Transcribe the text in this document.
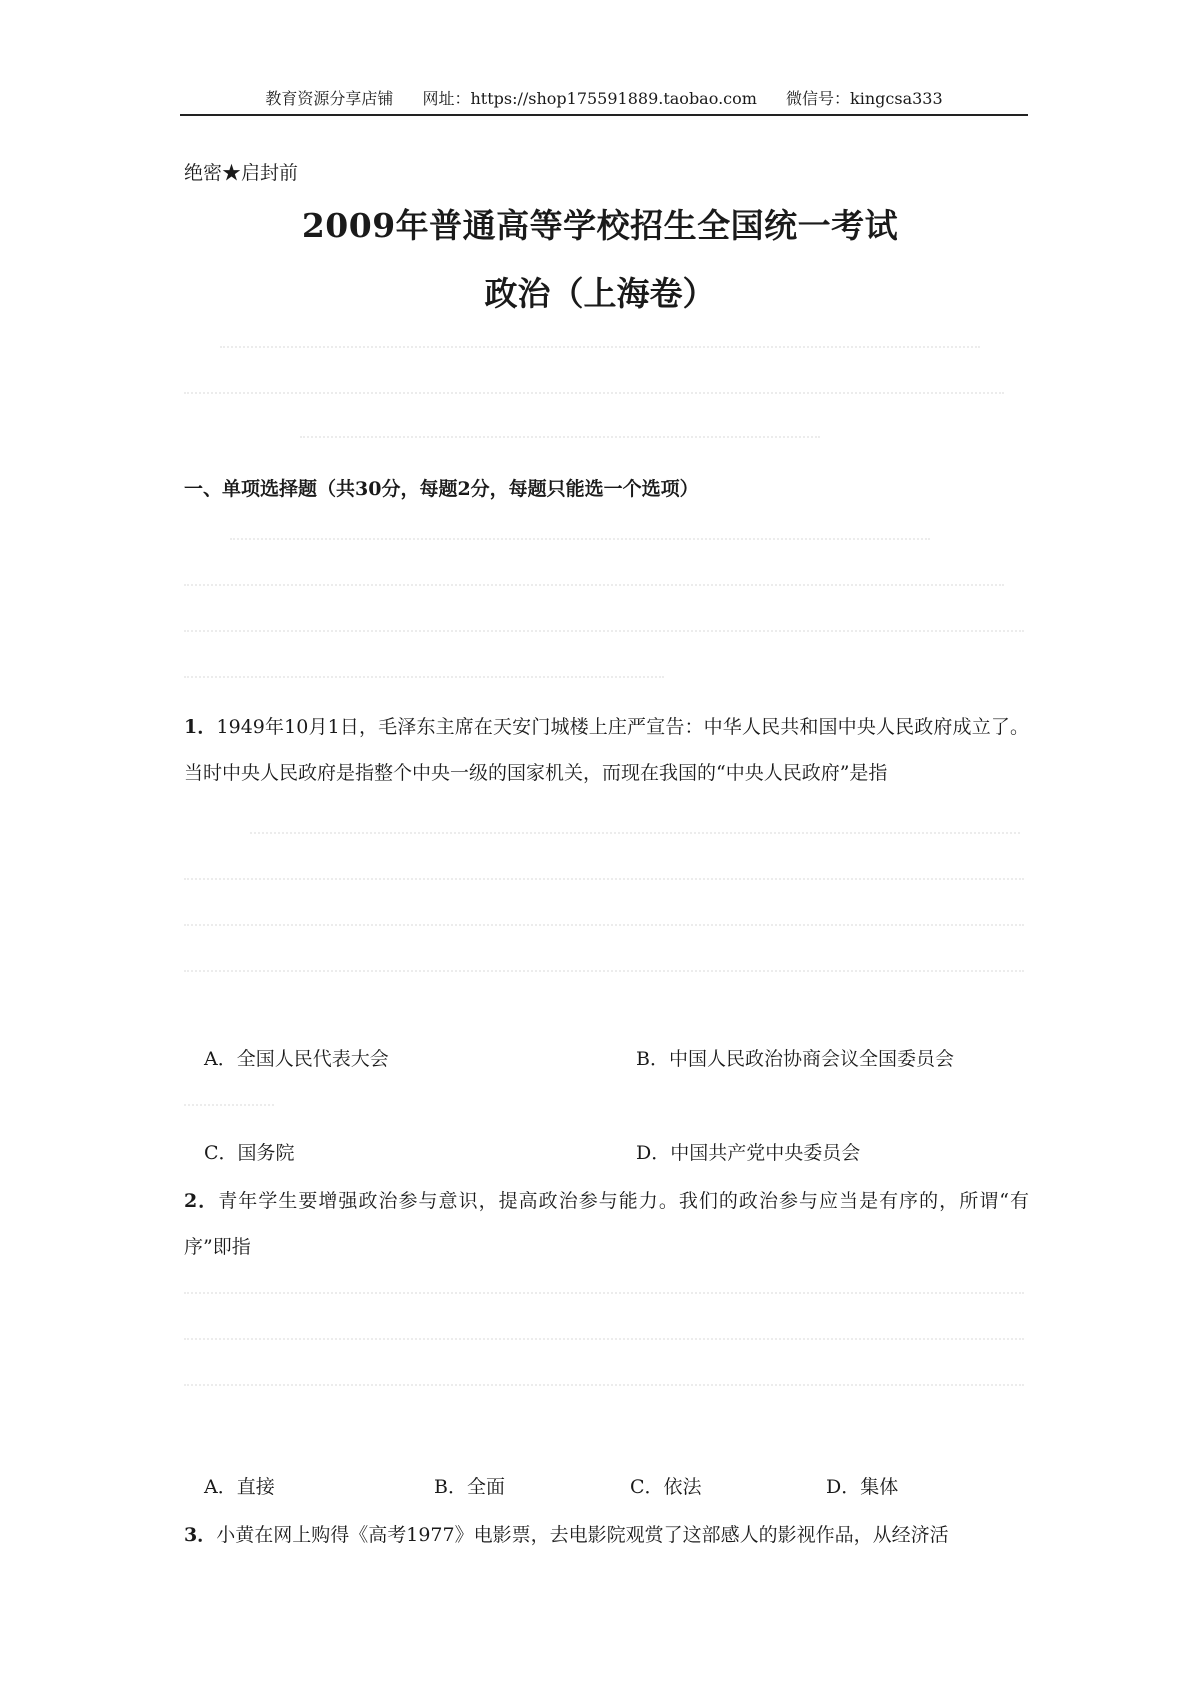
教育资源分享店铺 网址：https://shop175591889.taobao.com 微信号：kingcsa333
绝密★启封前
2009年普通高等学校招生全国统一考试
政治（上海卷）
一、单项选择题（共30分，每题2分，每题只能选一个选项）
1．1949年10月1日，毛泽东主席在天安门城楼上庄严宣告：中华人民共和国中央人民政府成立了。当时中央人民政府是指整个中央一级的国家机关，而现在我国的“中央人民政府”是指
A．全国人民代表大会	B．中国人民政治协商会议全国委员会
C．国务院	D．中国共产党中央委员会
2．青年学生要增强政治参与意识，提高政治参与能力。我们的政治参与应当是有序的，所谓“有序”即指
A．直接	B．全面	C．依法	D．集体
3．小黄在网上购得《高考1977》电影票，去电影院观赏了这部感人的影视作品，从经济活
